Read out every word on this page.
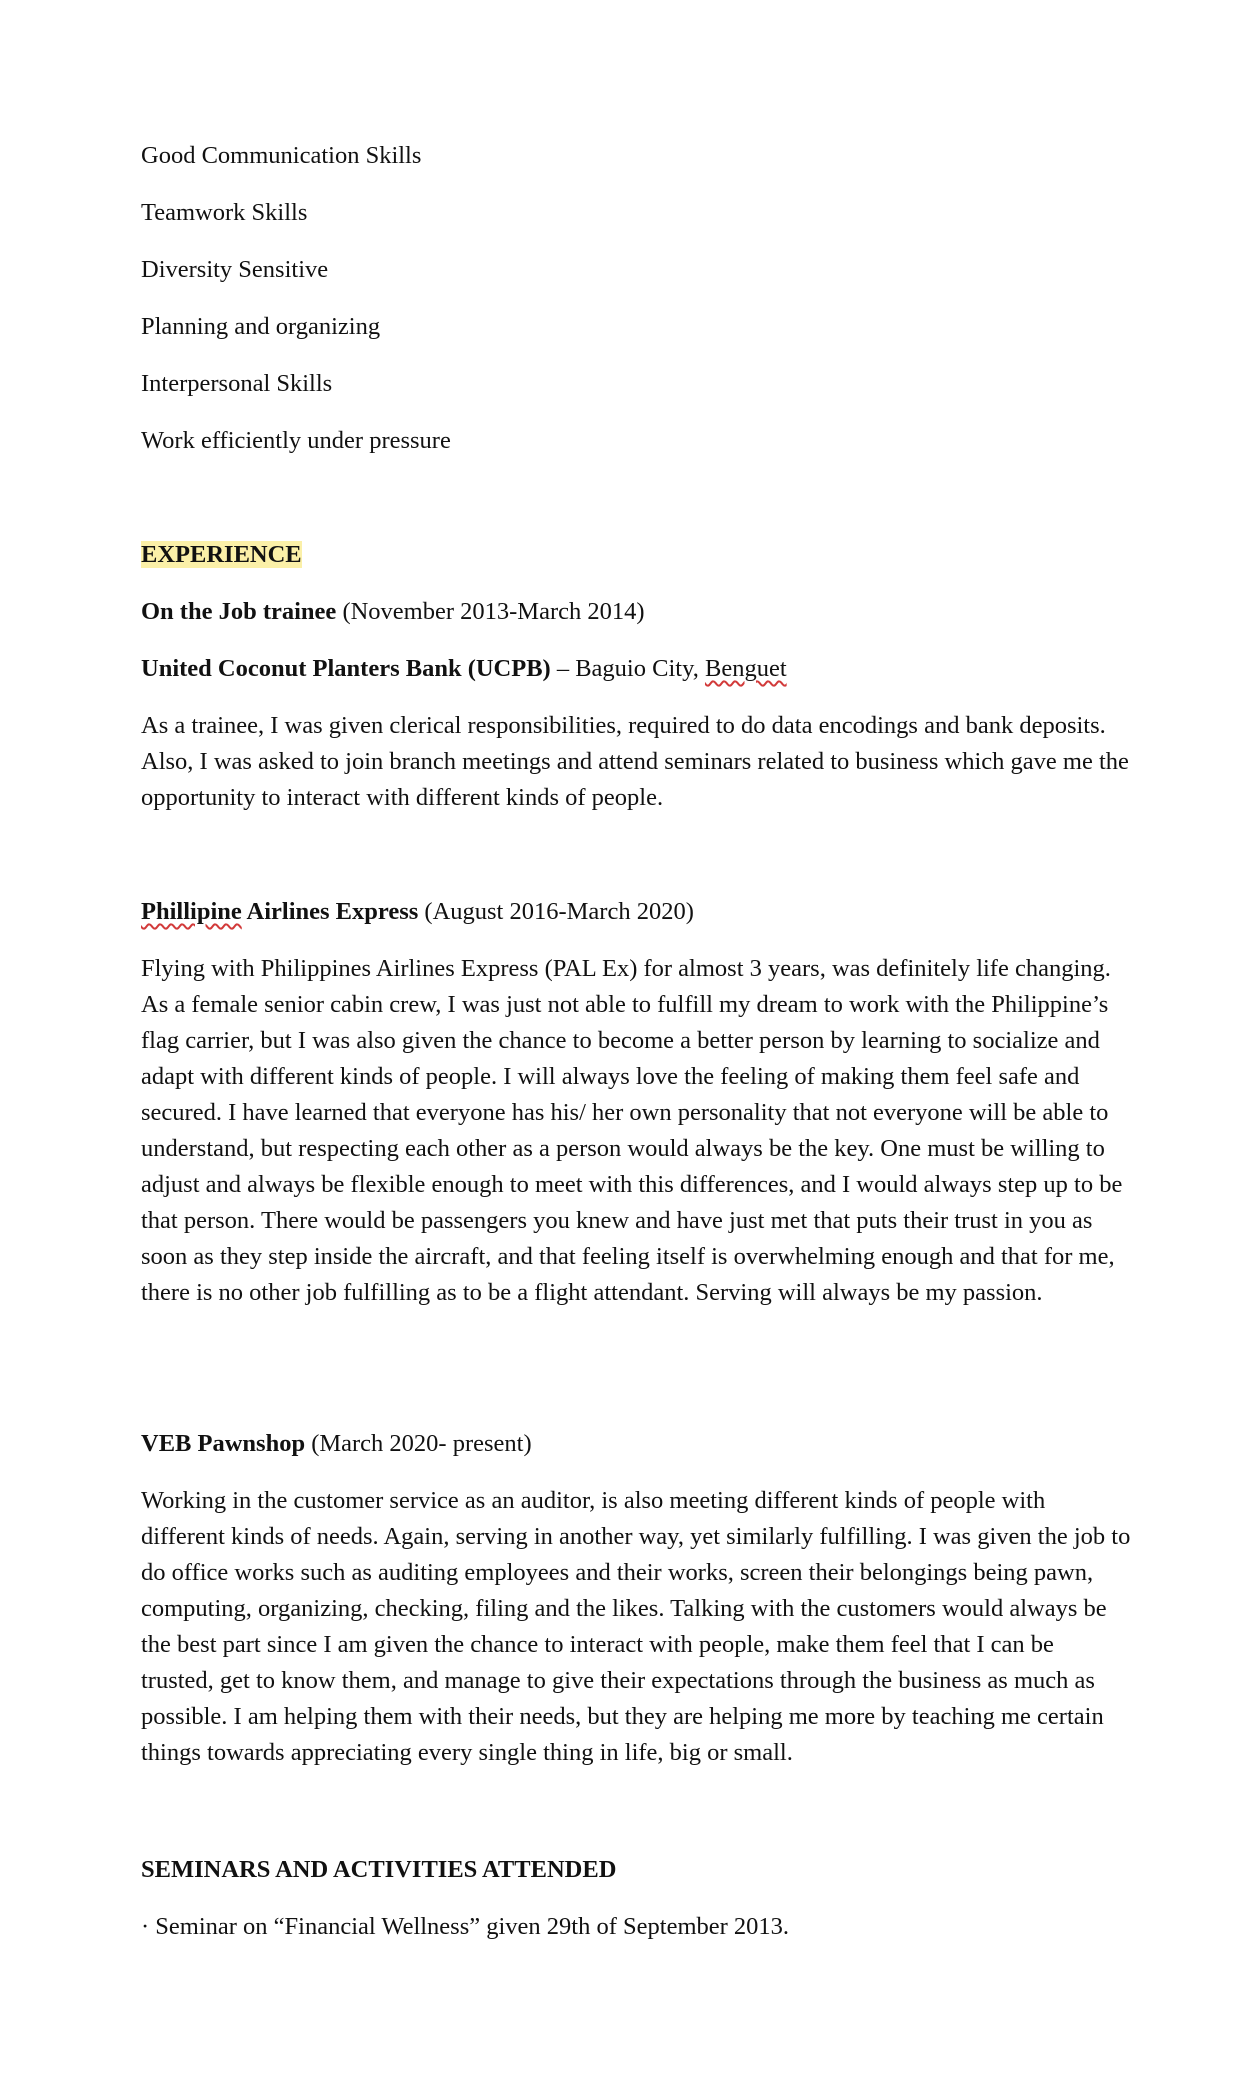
Good Communication Skills
Teamwork Skills
Diversity Sensitive
Planning and organizing
Interpersonal Skills
Work efficiently under pressure
EXPERIENCE
On the Job trainee (November 2013-March 2014)
United Coconut Planters Bank (UCPB) – Baguio City, Benguet

As a trainee, I was given clerical responsibilities, required to do data encodings and bank deposits. Also, I was asked to join branch meetings and attend seminars related to business which gave me the opportunity to interact with different kinds of people.

Phillipine Airlines Express (August 2016-March 2020)

Flying with Philippines Airlines Express (PAL Ex) for almost 3 years, was definitely life changing. As a female senior cabin crew, I was just not able to fulfill my dream to work with the Philippine’s flag carrier, but I was also given the chance to become a better person by learning to socialize and adapt with different kinds of people. I will always love the feeling of making them feel safe and secured. I have learned that everyone has his/ her own personality that not everyone will be able to understand, but respecting each other as a person would always be the key. One must be willing to adjust and always be flexible enough to meet with this differences, and I would always step up to be that person. There would be passengers you knew and have just met that puts their trust in you as soon as they step inside the aircraft, and that feeling itself is overwhelming enough and that for me, there is no other job fulfilling as to be a flight attendant. Serving will always be my passion.

VEB Pawnshop (March 2020- present)

Working in the customer service as an auditor, is also meeting different kinds of people with different kinds of needs. Again, serving in another way, yet similarly fulfilling. I was given the job to do office works such as auditing employees and their works, screen their belongings being pawn, computing, organizing, checking, filing and the likes. Talking with the customers would always be the best part since I am given the chance to interact with people, make them feel that I can be trusted, get to know them, and manage to give their expectations through the business as much as possible. I am helping them with their needs, but they are helping me more by teaching me certain things towards appreciating every single thing in life, big or small.

SEMINARS AND ACTIVITIES ATTENDED
· Seminar on “Financial Wellness” given 29th of September 2013.
